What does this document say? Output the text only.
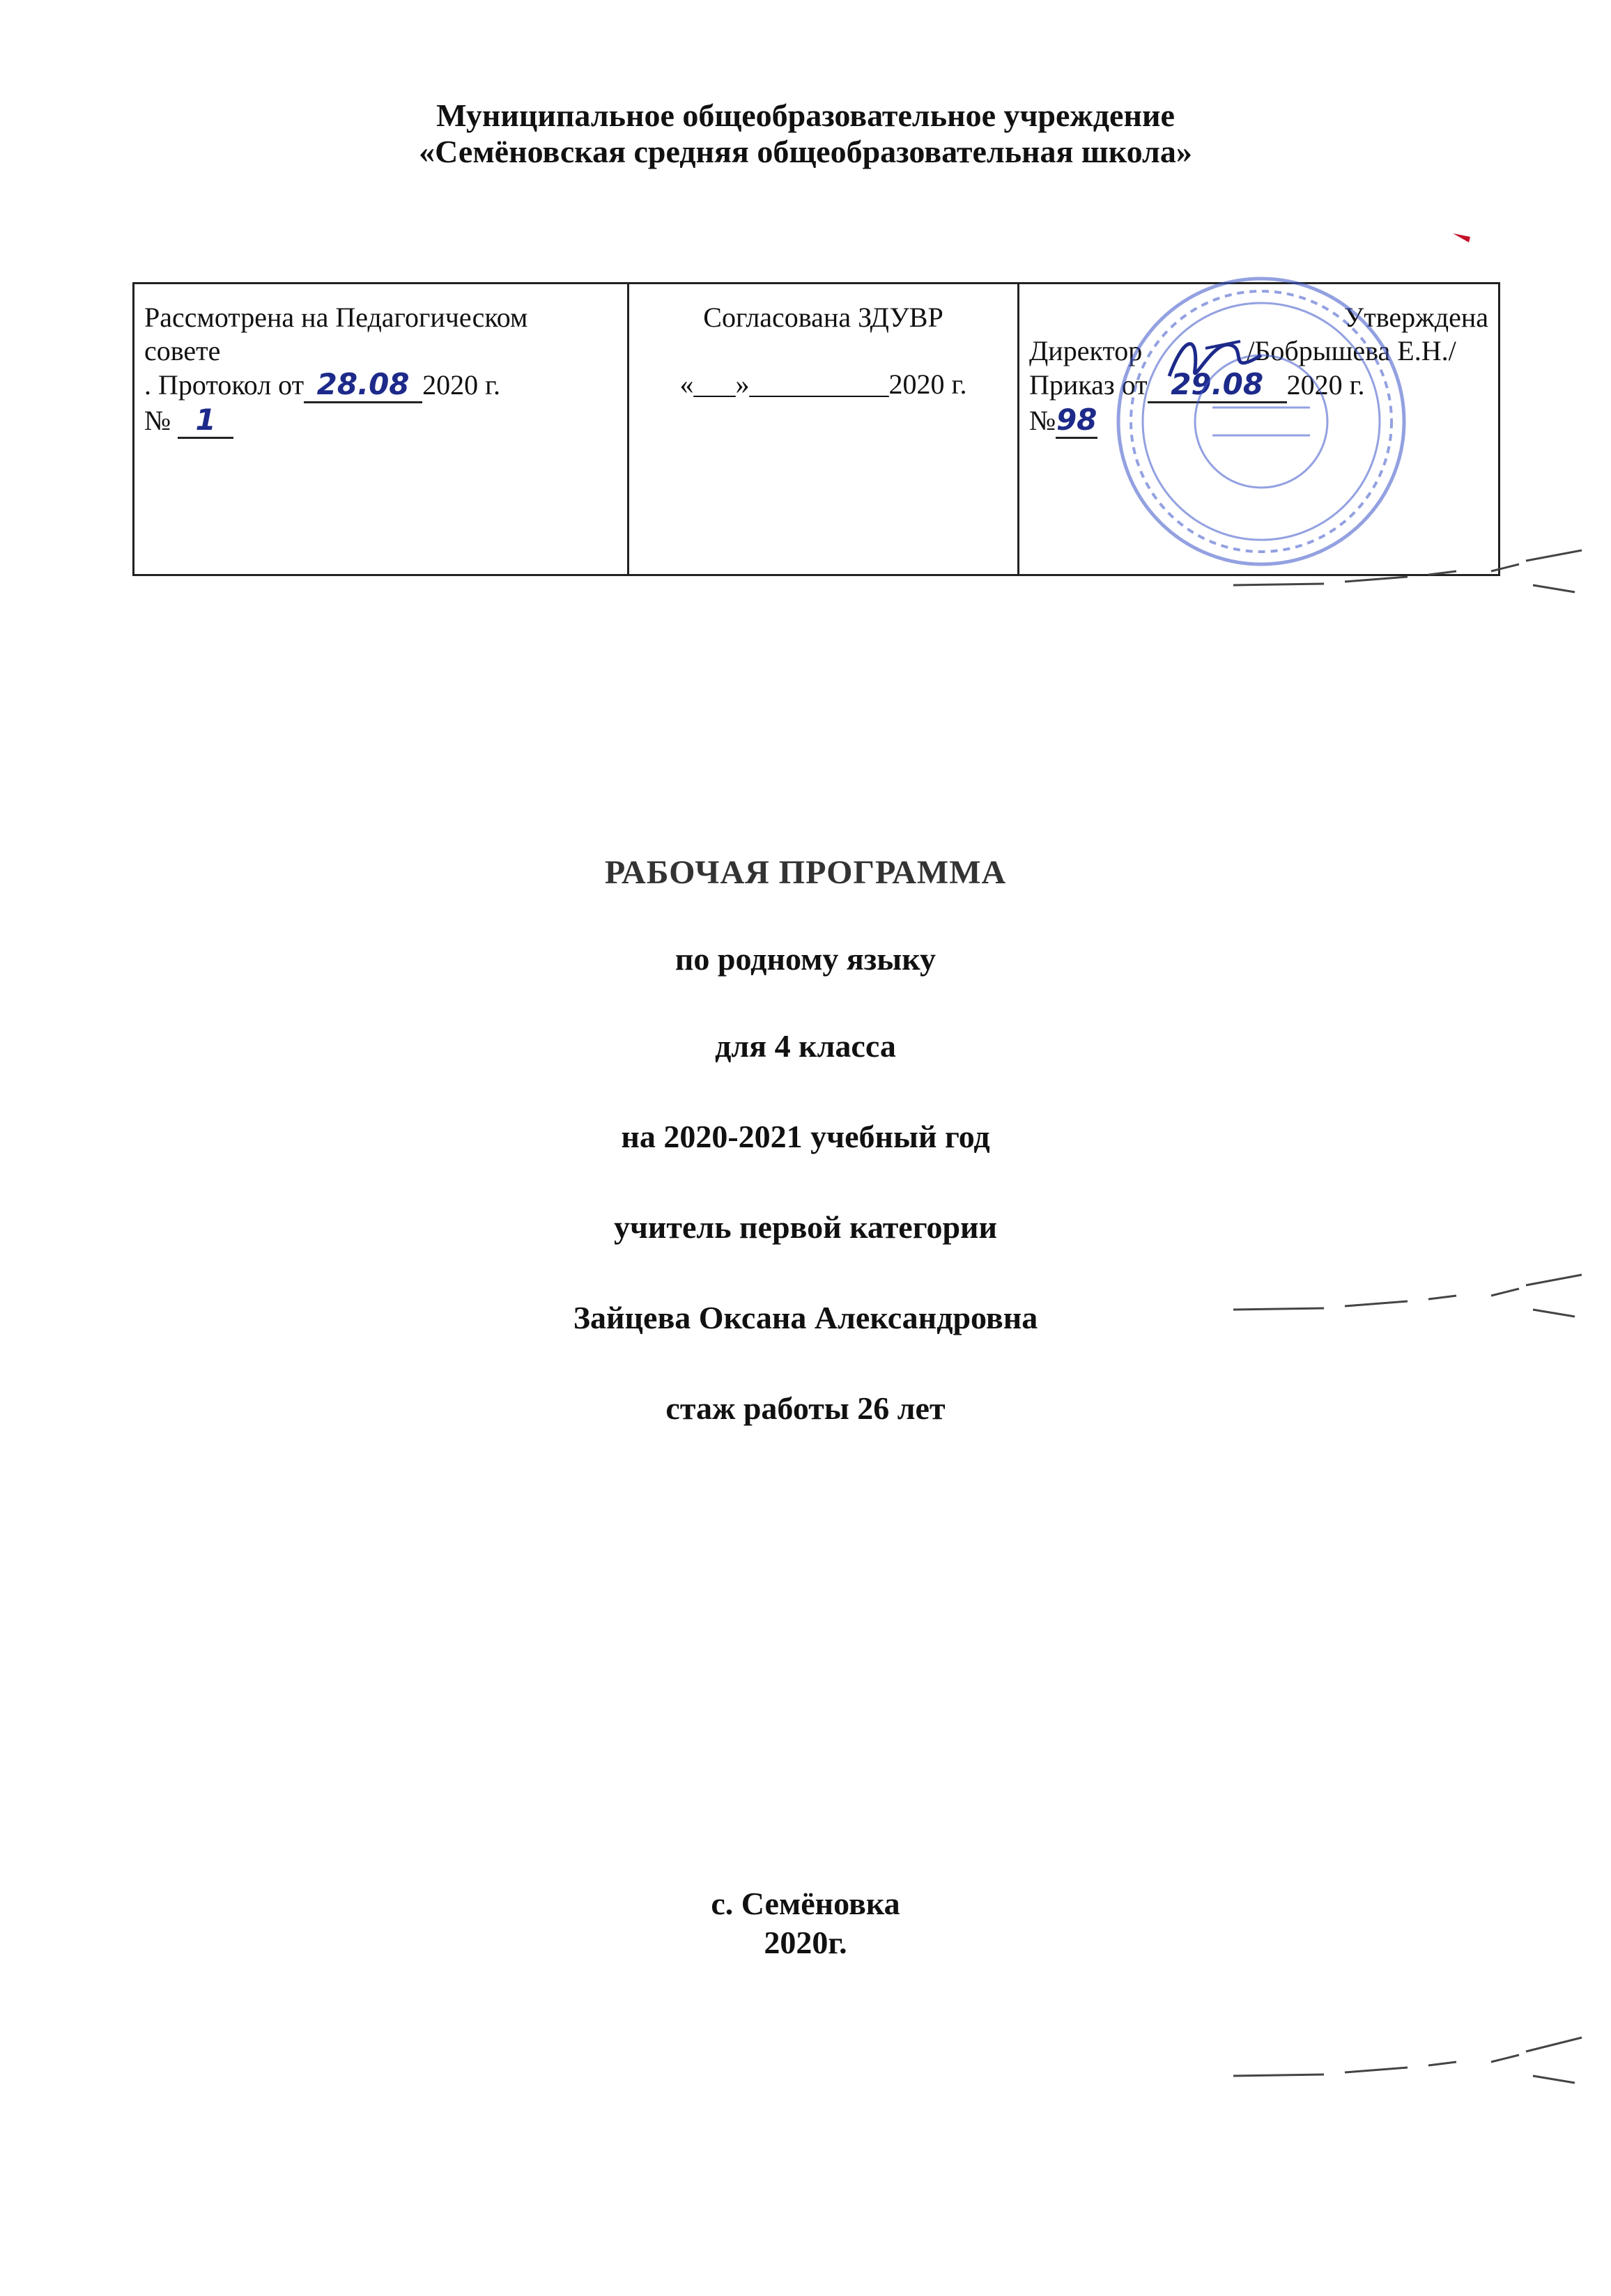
Муниципальное общеобразовательное учреждение
«Семёновская средняя общеобразовательная школа»
Рассмотрена на Педагогическом
совете
. Протокол от 28.08 2020 г.
№ 1

Согласована ЗДУВР
«___»__________2020 г.

Утверждена
Директор	/Бобрышева Е.Н./
Приказ от 29.08 2020 г.
№98
РАБОЧАЯ ПРОГРАММА
по родному языку
для 4 класса
на 2020-2021 учебный год
учитель первой категории
Зайцева Оксана Александровна
стаж работы 26 лет
с. Семёновка
2020г.
